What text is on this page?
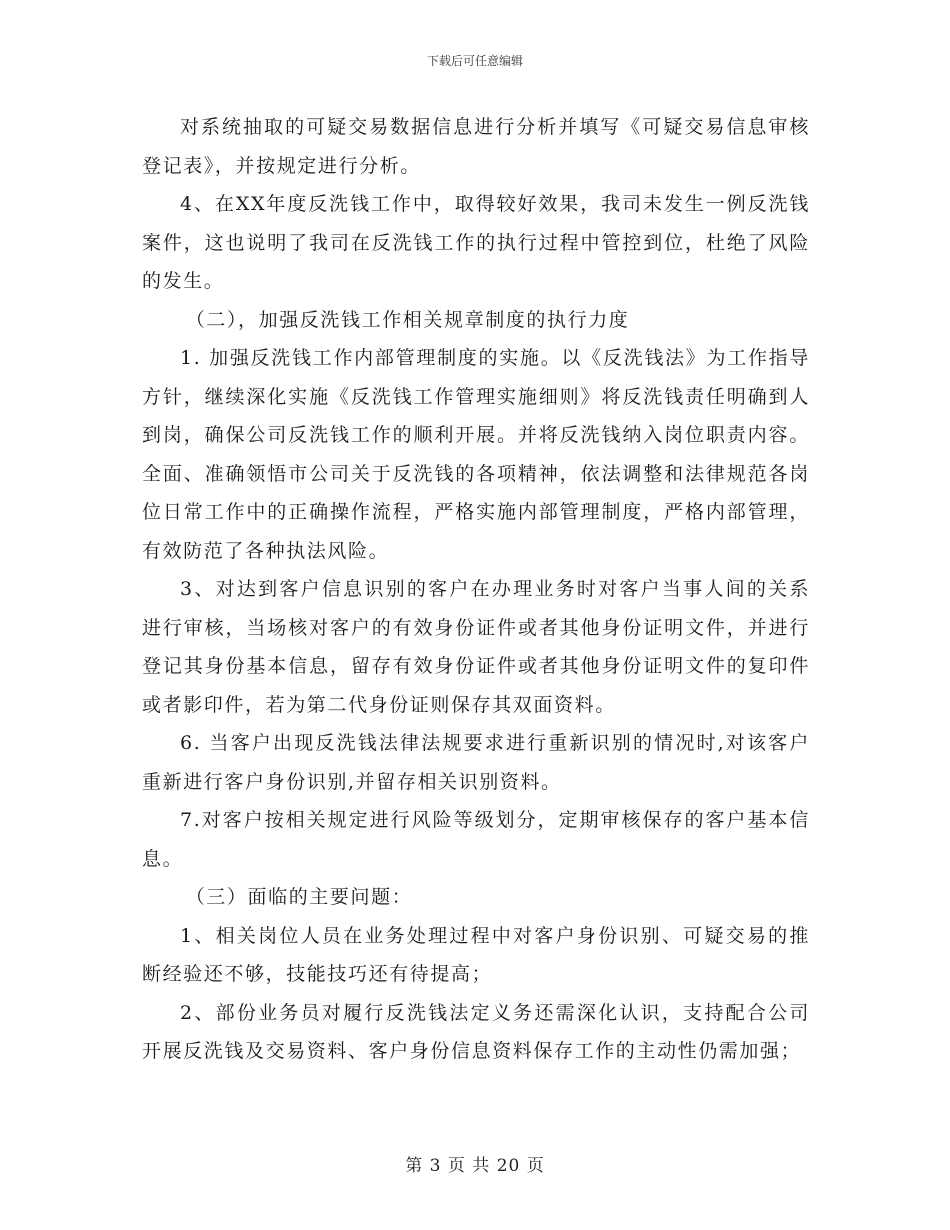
下载后可任意编辑

对系统抽取的可疑交易数据信息进行分析并填写《可疑交易信息审核登记表》，并按规定进行分析。

4、在XX年度反洗钱工作中，取得较好效果，我司未发生一例反洗钱案件，这也说明了我司在反洗钱工作的执行过程中管控到位，杜绝了风险的发生。

（二），加强反洗钱工作相关规章制度的执行力度

1. 加强反洗钱工作内部管理制度的实施。以《反洗钱法》为工作指导方针，继续深化实施《反洗钱工作管理实施细则》将反洗钱责任明确到人到岗，确保公司反洗钱工作的顺利开展。并将反洗钱纳入岗位职责内容。全面、准确领悟市公司关于反洗钱的各项精神，依法调整和法律规范各岗位日常工作中的正确操作流程，严格实施内部管理制度，严格内部管理，有效防范了各种执法风险。

3、对达到客户信息识别的客户在办理业务时对客户当事人间的关系进行审核，当场核对客户的有效身份证件或者其他身份证明文件，并进行登记其身份基本信息，留存有效身份证件或者其他身份证明文件的复印件或者影印件，若为第二代身份证则保存其双面资料。

6. 当客户出现反洗钱法律法规要求进行重新识别的情况时,对该客户重新进行客户身份识别,并留存相关识别资料。

7.对客户按相关规定进行风险等级划分，定期审核保存的客户基本信息。

（三）面临的主要问题：

1、相关岗位人员在业务处理过程中对客户身份识别、可疑交易的推断经验还不够，技能技巧还有待提高；

2、部份业务员对履行反洗钱法定义务还需深化认识，支持配合公司开展反洗钱及交易资料、客户身份信息资料保存工作的主动性仍需加强；

第 3 页 共 20 页
